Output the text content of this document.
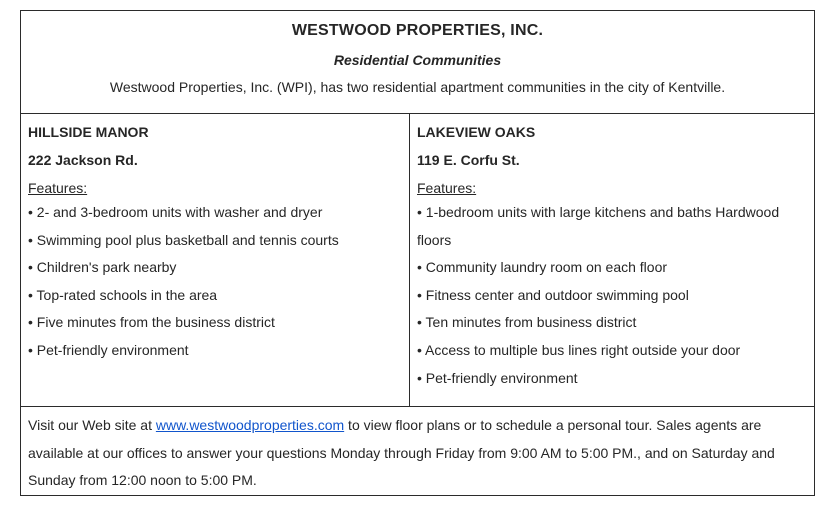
WESTWOOD PROPERTIES, INC.
Residential Communities
Westwood Properties, Inc. (WPI), has two residential apartment communities in the city of Kentville.
HILLSIDE MANOR
222 Jackson Rd.
Features:
• 2- and 3-bedroom units with washer and dryer
• Swimming pool plus basketball and tennis courts
• Children's park nearby
• Top-rated schools in the area
• Five minutes from the business district
• Pet-friendly environment
LAKEVIEW OAKS
119 E. Corfu St.
Features:
• 1-bedroom units with large kitchens and baths Hardwood floors
• Community laundry room on each floor
• Fitness center and outdoor swimming pool
• Ten minutes from business district
• Access to multiple bus lines right outside your door
• Pet-friendly environment
Visit our Web site at www.westwoodproperties.com to view floor plans or to schedule a personal tour. Sales agents are available at our offices to answer your questions Monday through Friday from 9:00 AM to 5:00 PM., and on Saturday and Sunday from 12:00 noon to 5:00 PM.
